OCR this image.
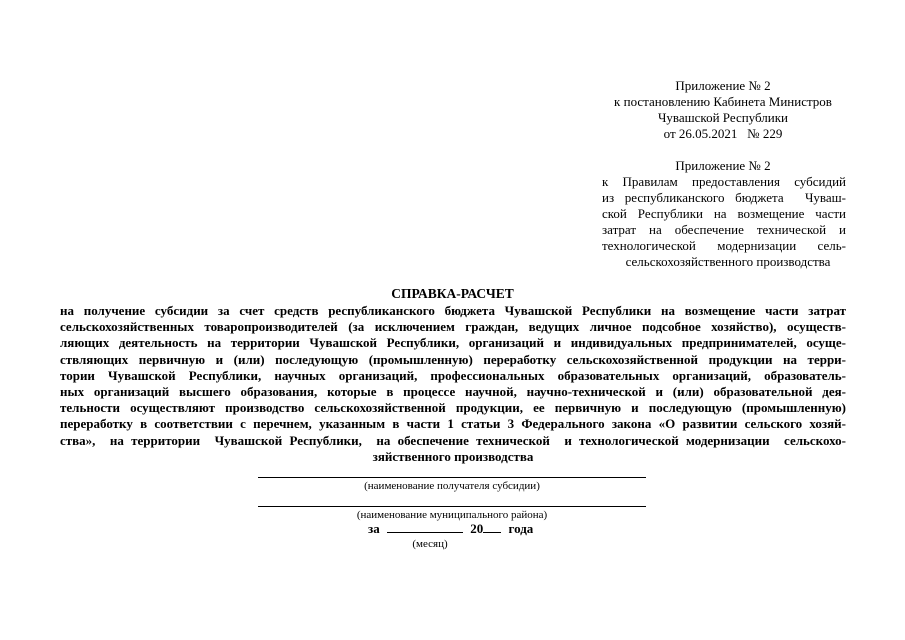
Приложение № 2
к постановлению Кабинета Министров
Чувашской Республики
от 26.05.2021   № 229
Приложение № 2
к  Правилам  предоставления  субсидий
из республиканского бюджета  Чуваш-
ской Республики на возмещение части
затрат  на  обеспечение  технической  и
технологической  модернизации  сель-
сельскохозяйственного производства
СПРАВКА-РАСЧЕТ
на получение субсидии за счет средств республиканского бюджета Чувашской Республики на возмещение части затрат
сельскохозяйственных товаропроизводителей (за исключением граждан, ведущих личное подсобное хозяйство), осуществ-
ляющих деятельность на территории Чувашской Республики, организаций и индивидуальных предпринимателей, осуще-
ствляющих первичную и (или) последующую (промышленную) переработку сельскохозяйственной продукции на терри-
тории Чувашской Республики, научных организаций, профессиональных образовательных организаций, образователь-
ных организаций высшего образования, которые в процессе научной, научно-технической и (или) образовательной дея-
тельности осуществляют производство сельскохозяйственной продукции, ее первичную и последующую (промышленную)
переработку в соответствии с перечнем, указанным в части 1 статьи 3 Федерального закона «О развитии сельского хозяй-
ства»,  на территории  Чувашской Республики,  на обеспечение технической  и технологической модернизации  сельскохо-
зяйственного производства
(наименование получателя субсидии)
(наименование муниципального района)
за	20 года
(месяц)
